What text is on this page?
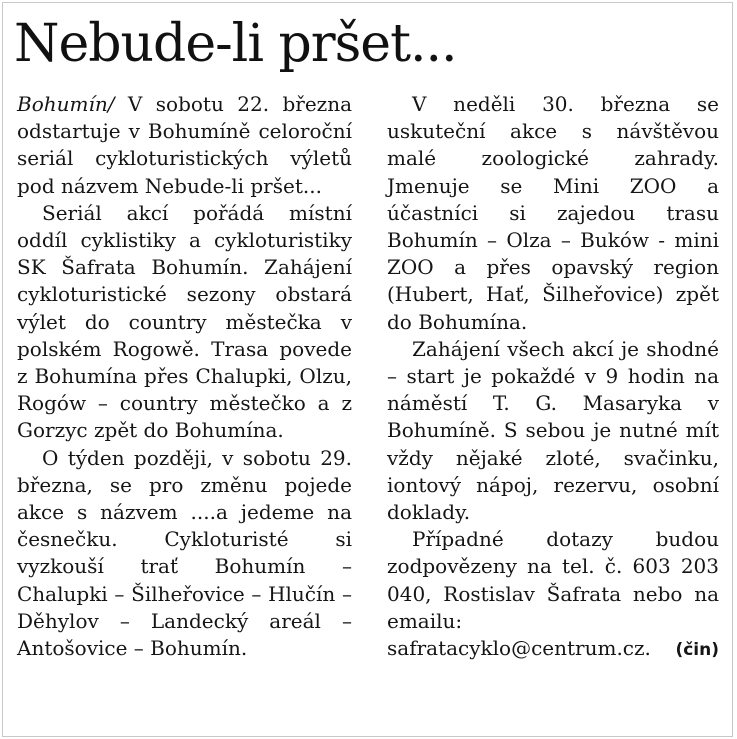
Nebude-li pršet...

Bohumín/ V sobotu 22. března odstartuje v Bohumíně celoroční seriál cykloturistických výletů pod názvem Nebude-li pršet...

Seriál akcí pořádá místní oddíl cyklistiky a cykloturistiky SK Šafrata Bohumín. Zahájení cykloturistické sezony obstará výlet do country městečka v polském Rogowě. Trasa povede z Bohumína přes Chalupki, Olzu, Rogów – country městečko a z Gorzyc zpět do Bohumína.

O týden později, v sobotu 29. března, se pro změnu pojede akce s názvem ....a jedeme na česnečku. Cykloturisté si vyzkouší trať Bohumín – Chalupki – Šilheřovice – Hlučín – Děhylov – Landecký areál – Antošovice – Bohumín.

V neděli 30. března se uskuteční akce s návštěvou malé zoologické zahrady. Jmenuje se Mini ZOO a účastníci si zajedou trasu Bohumín – Olza – Buków - mini ZOO a přes opavský region (Hubert, Hať, Šilheřovice) zpět do Bohumína.

Zahájení všech akcí je shodné – start je pokaždé v 9 hodin na náměstí T. G. Masaryka v Bohumíně. S sebou je nutné mít vždy nějaké zloté, svačinku, iontový nápoj, rezervu, osobní doklady.

Případné dotazy budou zodpovězeny na tel. č. 603 203 040, Rostislav Šafrata nebo na emailu:

safratacyklo@centrum.cz. (čin)
